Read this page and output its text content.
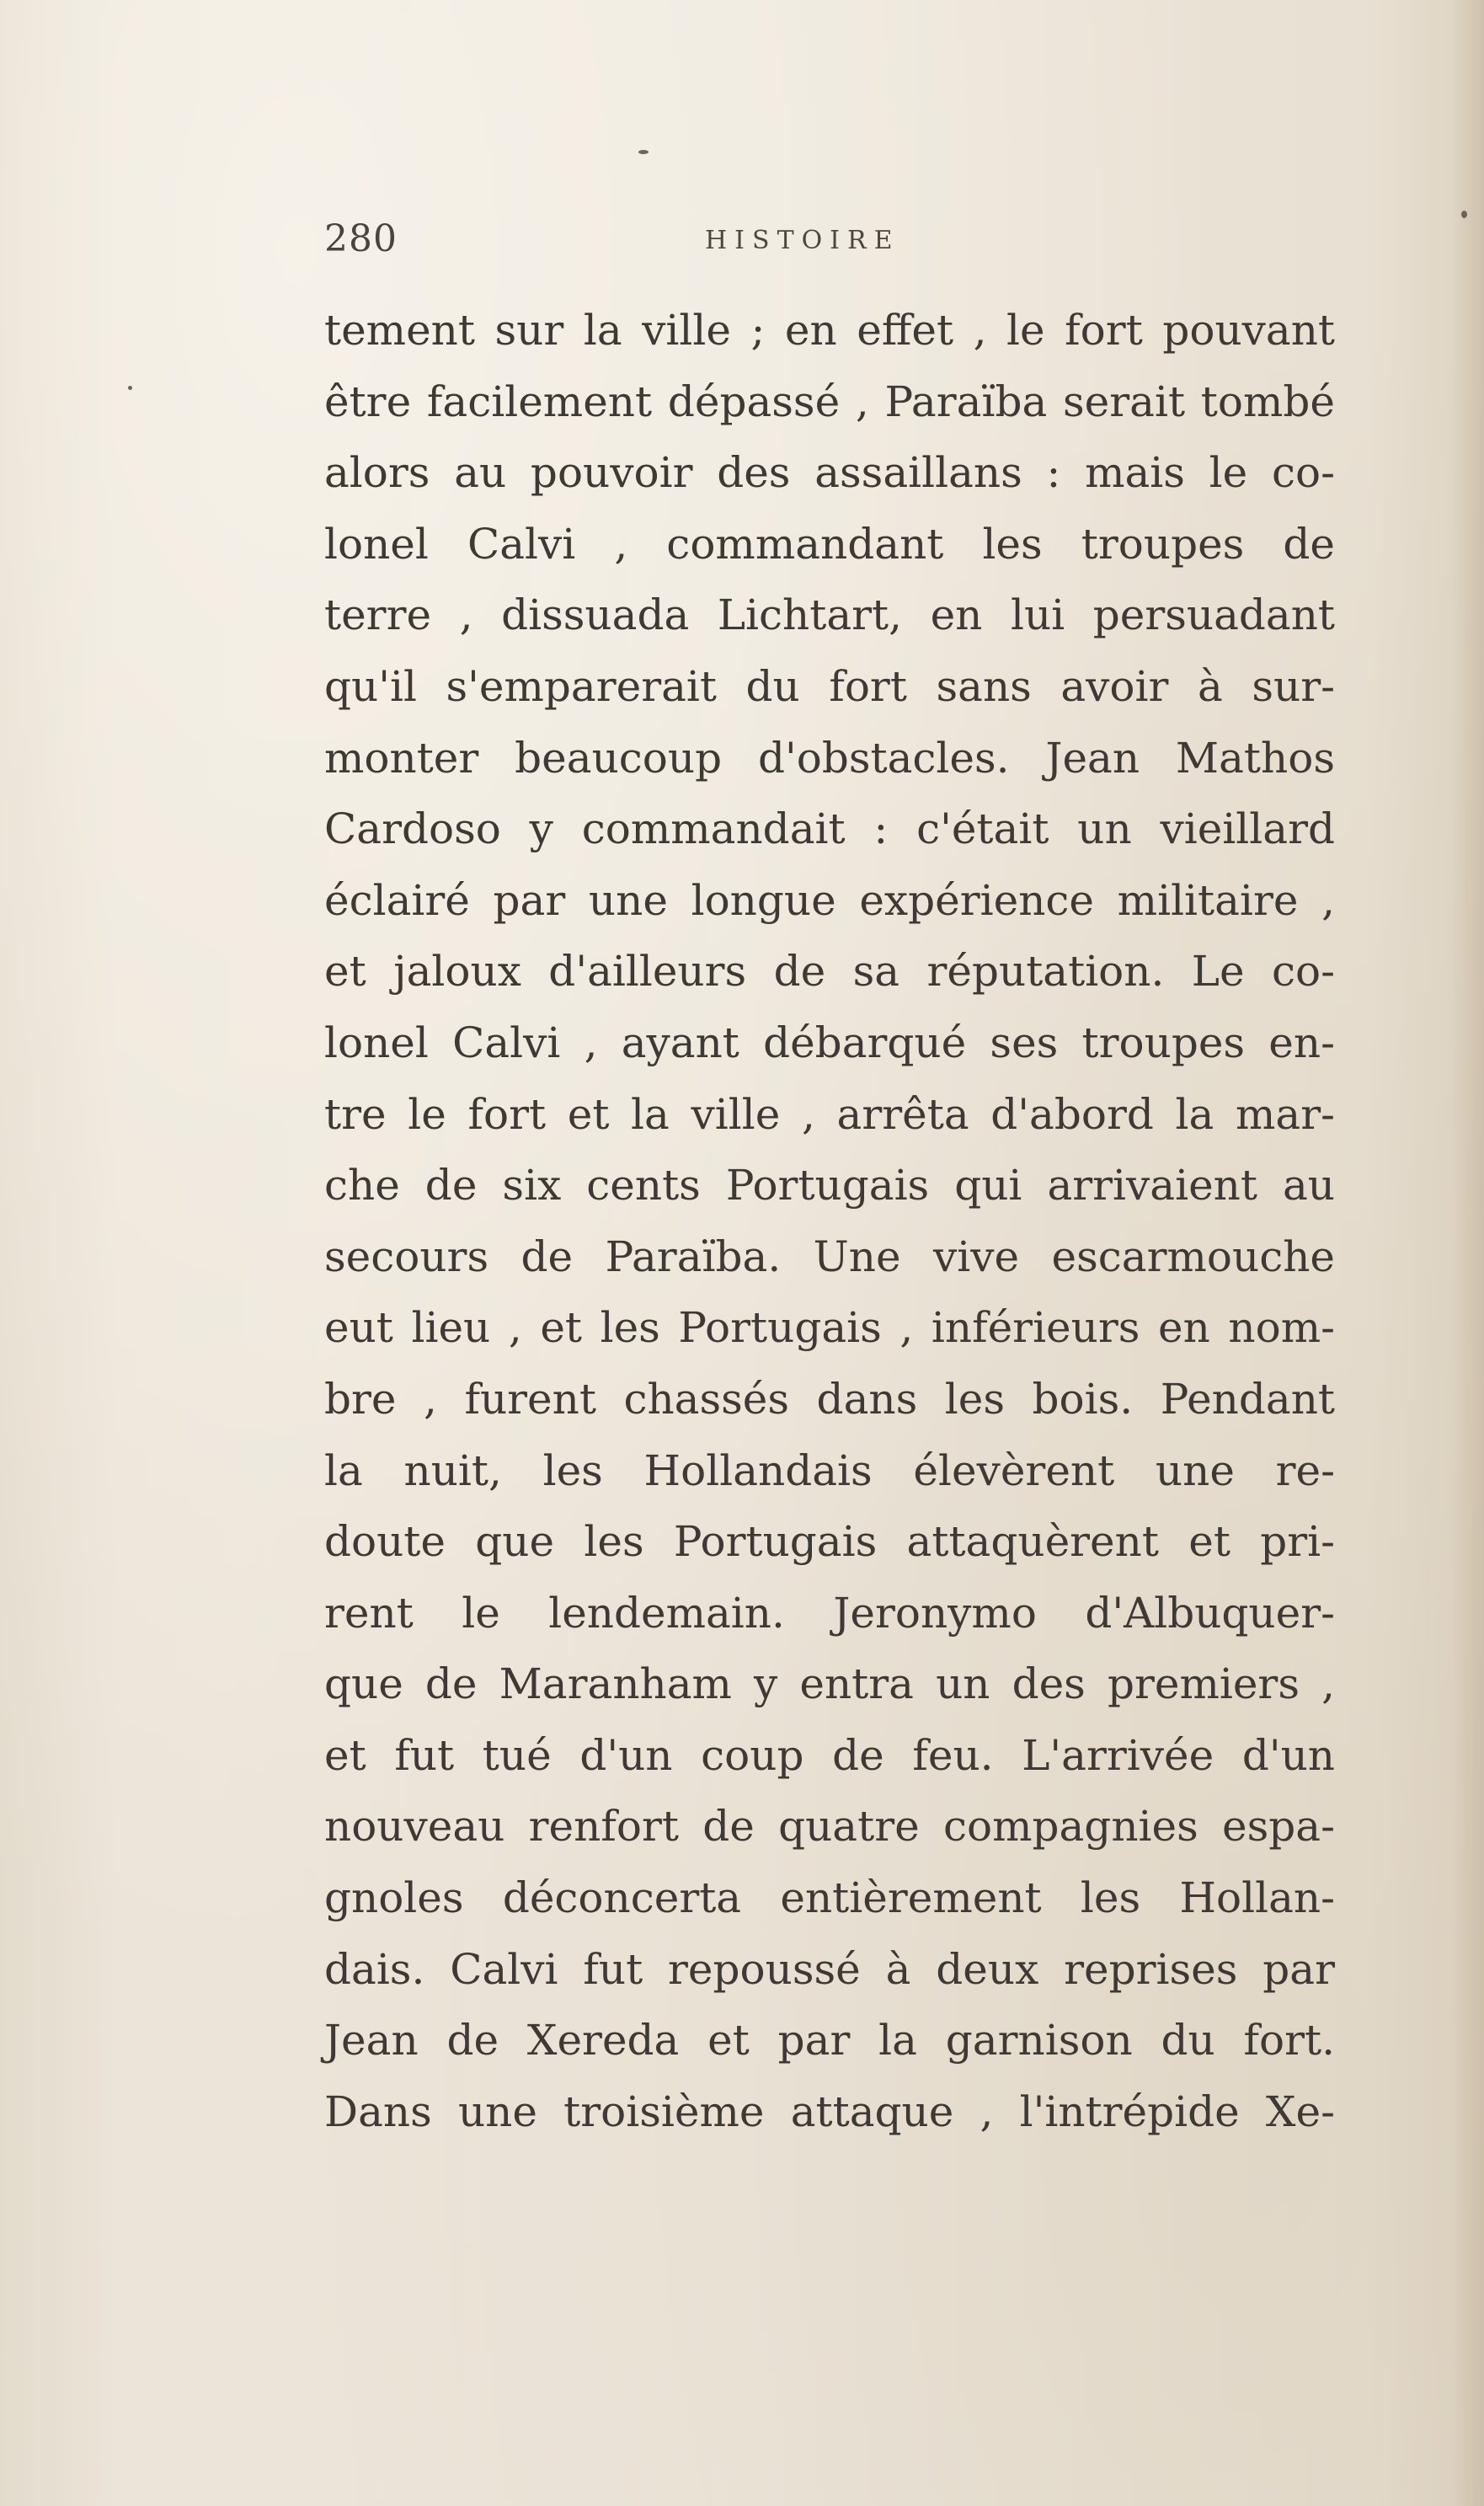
280	HISTOIRE
tement sur la ville ; en effet , le fort pouvant
être facilement dépassé , Paraïba serait tombé
alors au pouvoir des assaillans : mais le co-
lonel Calvi , commandant les troupes de
terre , dissuada Lichtart, en lui persuadant
qu'il s'emparerait du fort sans avoir à sur-
monter beaucoup d'obstacles. Jean Mathos
Cardoso y commandait : c'était un vieillard
éclairé par une longue expérience militaire ,
et jaloux d'ailleurs de sa réputation. Le co-
lonel Calvi , ayant débarqué ses troupes en-
tre le fort et la ville , arrêta d'abord la mar-
che de six cents Portugais qui arrivaient au
secours de Paraïba. Une vive escarmouche
eut lieu , et les Portugais , inférieurs en nom-
bre , furent chassés dans les bois. Pendant
la nuit, les Hollandais élevèrent une re-
doute que les Portugais attaquèrent et pri-
rent le lendemain. Jeronymo d'Albuquer-
que de Maranham y entra un des premiers ,
et fut tué d'un coup de feu. L'arrivée d'un
nouveau renfort de quatre compagnies espa-
gnoles déconcerta entièrement les Hollan-
dais. Calvi fut repoussé à deux reprises par
Jean de Xereda et par la garnison du fort.
Dans une troisième attaque , l'intrépide Xe-
